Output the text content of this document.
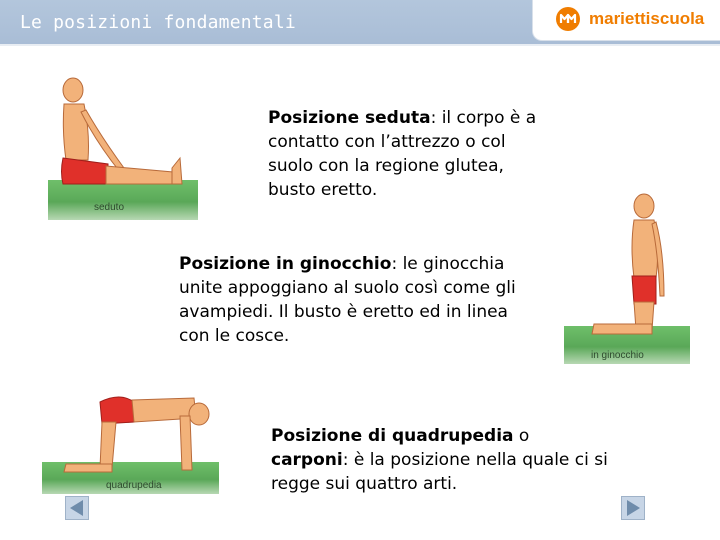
Le posizioni fondamentali	mariettiscuola
seduto
Posizione seduta: il corpo è a contatto con l’attrezzo o col suolo con la regione glutea, busto eretto.
in ginocchio
Posizione in ginocchio: le ginocchia unite appoggiano al suolo così come gli avampiedi. Il busto è eretto ed in linea con le cosce.
quadrupedia
Posizione di quadrupedia o carponi: è la posizione nella quale ci si regge sui quattro arti.
